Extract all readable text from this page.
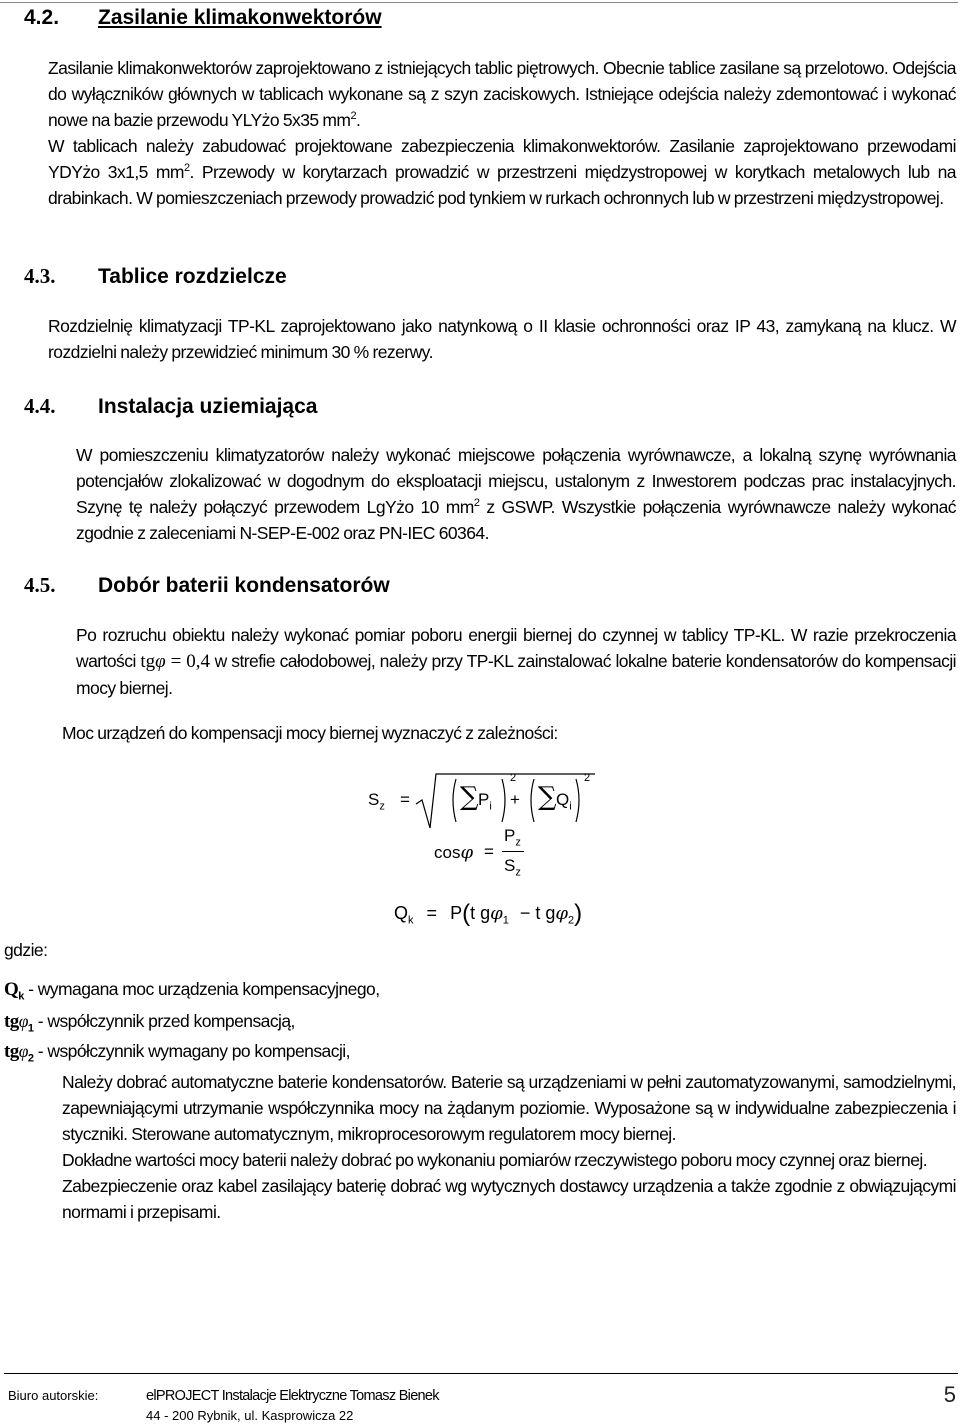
4.2. Zasilanie klimakonwektorów

Zasilanie klimakonwektorów zaprojektowano z istniejących tablic piętrowych. Obecnie tablice zasilane są przelotowo. Odejścia do wyłączników głównych w tablicach wykonane są z szyn zaciskowych. Istniejące odejścia należy zdemontować i wykonać nowe na bazie przewodu YLYżo 5x35 $mm^2$.

W tablicach należy zabudować projektowane zabezpieczenia klimakonwektorów. Zasilanie zaprojektowano przewodami YDYżo 3x1,5 $mm^2$. Przewody w korytarzach prowadzić w przestrzeni międzystropowej w korytkach metalowych lub na drabinkach. W pomieszczeniach przewody prowadzić pod tynkiem w rurkach ochronnych lub w przestrzeni międzystropowej.

4.3. Tablice rozdzielcze

Rozdzielnię klimatyzacji TP-KL zaprojektowano jako natynkową o II klasie ochronności oraz IP 43, zamykaną na klucz. W rozdzielni należy przewidzieć minimum 30 % rezerwy.

4.4. Instalacja uziemiająca

W pomieszczeniu klimatyzatorów należy wykonać miejscowe połączenia wyrównawcze, a lokalną szynę wyrównania potencjałów zlokalizować w dogodnym do eksploatacji miejscu, ustalonym z Inwestorem podczas prac instalacyjnych. Szynę tę należy połączyć przewodem LgYżo 10 $mm^2$ z GSWP. Wszystkie połączenia wyrównawcze należy wykonać zgodnie z zaleceniami N-SEP-E-002 oraz PN-IEC 60364.

4.5. Dobór baterii kondensatorów

Po rozruchu obiektu należy wykonać pomiar poboru energii biernej do czynnej w tablicy TP-KL. W razie przekroczenia wartości tgφ = 0,4 w strefie całodobowej, należy przy TP-KL zainstalować lokalne baterie kondensatorów do kompensacji mocy biernej.

Moc urządzeń do kompensacji mocy biernej wyznaczyć z zależności:

$S_z$ = ∑ $P_i$
2
+ ∑ $Q_i$
2
cosφ =
$P_z$
$S_z$
$Q_k = P(t$ $g\varphi_1 - t$ $g\varphi_2$)
gdzie:
$Q_k$ - wymagana moc urządzenia kompensacyjnego,
tgφ$_1$ - współczynnik przed kompensacją,
tgφ$_2$ - współczynnik wymagany po kompensacji,

Należy dobrać automatyczne baterie kondensatorów. Baterie są urządzeniami w pełni zautomatyzowanymi, samodzielnymi, zapewniającymi utrzymanie współczynnika mocy na żądanym poziomie. Wyposażone są w indywidualne zabezpieczenia i styczniki. Sterowane automatycznym, mikroprocesorowym regulatorem mocy biernej.

Dokładne wartości mocy baterii należy dobrać po wykonaniu pomiarów rzeczywistego poboru mocy czynnej oraz biernej.

Zabezpieczenie oraz kabel zasilający baterię dobrać wg wytycznych dostawcy urządzenia a także zgodnie z obwiązującymi normami i przepisami.

Biuro autorskie:	elPROJECT Instalacje Elektryczne Tomasz Bienek
44 - 200 Rybnik, ul. Kasprowicza 22
5
